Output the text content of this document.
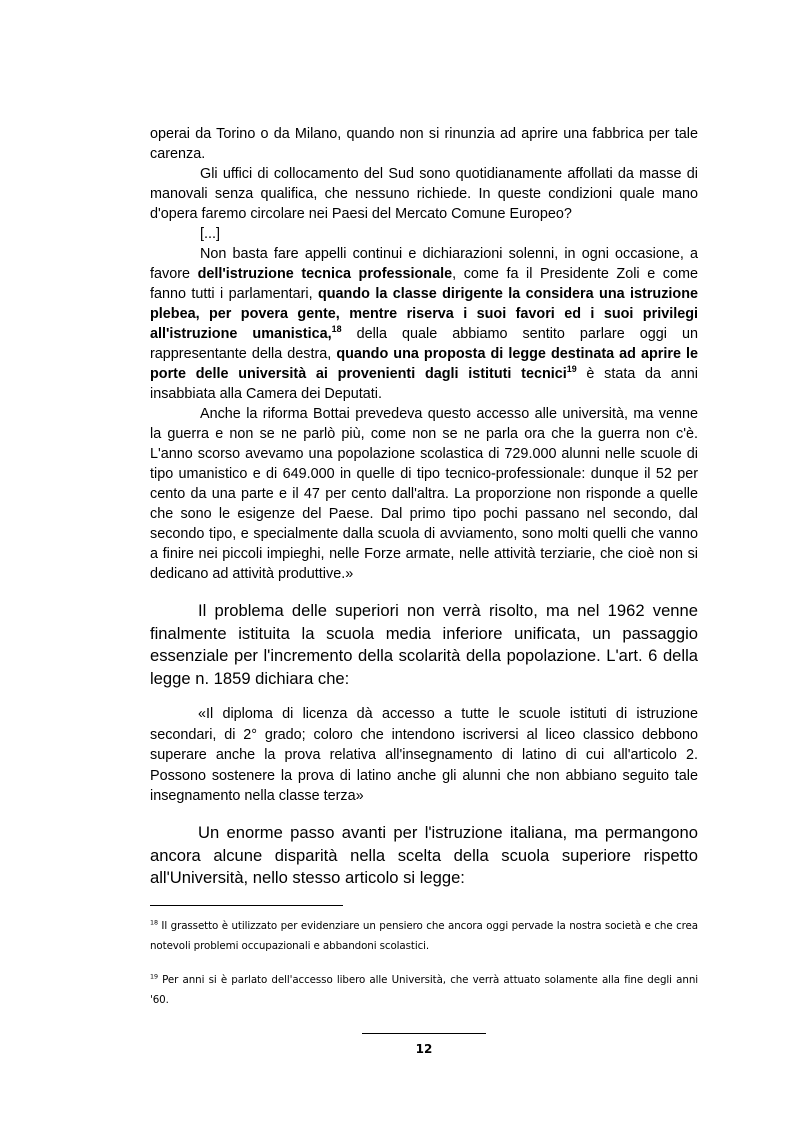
operai da Torino o da Milano, quando non si rinunzia ad aprire una fabbrica per tale carenza.

Gli uffici di collocamento del Sud sono quotidianamente affollati da masse di manovali senza qualifica, che nessuno richiede. In queste condizioni quale mano d'opera faremo circolare nei Paesi del Mercato Comune Europeo?

[...]

Non basta fare appelli continui e dichiarazioni solenni, in ogni occasione, a favore dell'istruzione tecnica professionale, come fa il Presidente Zoli e come fanno tutti i parlamentari, quando la classe dirigente la considera una istruzione plebea, per povera gente, mentre riserva i suoi favori ed i suoi privilegi all'istruzione umanistica,$^{18}$ della quale abbiamo sentito parlare oggi un rappresentante della destra, quando una proposta di legge destinata ad aprire le porte delle università ai provenienti dagli istituti tecnici$^{19}$ è stata da anni insabbiata alla Camera dei Deputati.

Anche la riforma Bottai prevedeva questo accesso alle università, ma venne la guerra e non se ne parlò più, come non se ne parla ora che la guerra non c'è. L'anno scorso avevamo una popolazione scolastica di 729.000 alunni nelle scuole di tipo umanistico e di 649.000 in quelle di tipo tecnico-professionale: dunque il 52 per cento da una parte e il 47 per cento dall'altra. La proporzione non risponde a quelle che sono le esigenze del Paese. Dal primo tipo pochi passano nel secondo, dal secondo tipo, e specialmente dalla scuola di avviamento, sono molti quelli che vanno a finire nei piccoli impieghi, nelle Forze armate, nelle attività terziarie, che cioè non si dedicano ad attività produttive.»

Il problema delle superiori non verrà risolto, ma nel 1962 venne finalmente istituita la scuola media inferiore unificata, un passaggio essenziale per l'incremento della scolarità della popolazione. L'art. 6 della legge n. 1859 dichiara che:

«Il diploma di licenza dà accesso a tutte le scuole istituti di istruzione secondari, di 2° grado; coloro che intendono iscriversi al liceo classico debbono superare anche la prova relativa all'insegnamento di latino di cui all'articolo 2. Possono sostenere la prova di latino anche gli alunni che non abbiano seguito tale insegnamento nella classe terza»

Un enorme passo avanti per l'istruzione italiana, ma permangono ancora alcune disparità nella scelta della scuola superiore rispetto all'Università, nello stesso articolo si legge:

$^{18}$ Il grassetto è utilizzato per evidenziare un pensiero che ancora oggi pervade la nostra società e che crea notevoli problemi occupazionali e abbandoni scolastici.

$^{19}$ Per anni si è parlato dell'accesso libero alle Università, che verrà attuato solamente alla fine degli anni '60.

12
